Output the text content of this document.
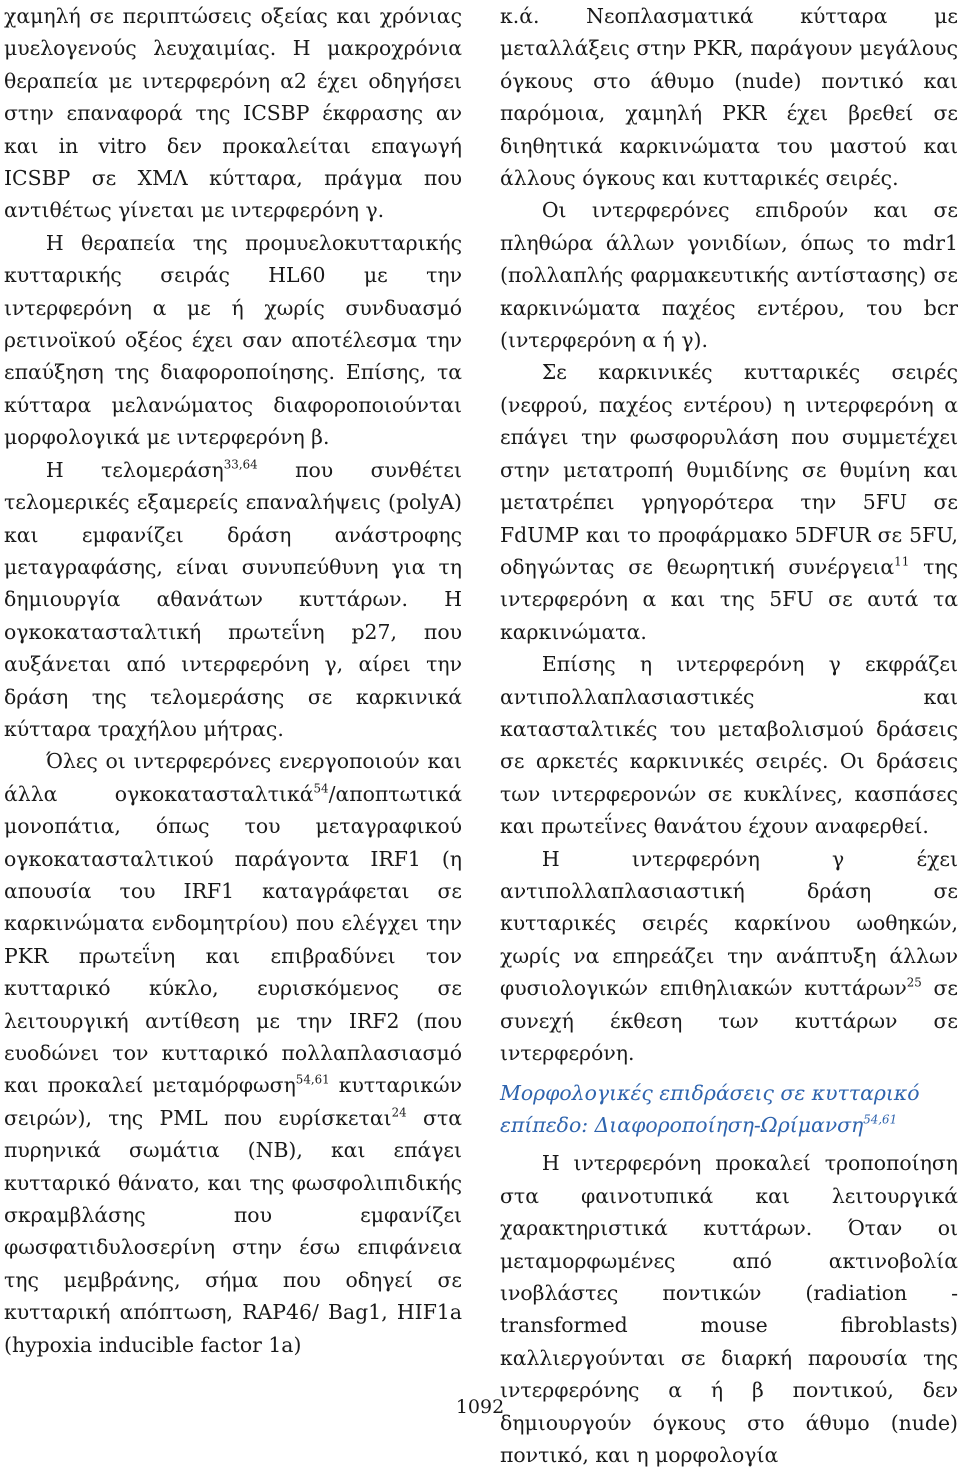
χαμηλή σε περιπτώσεις οξείας και χρόνιας μυελογενούς λευχαιμίας. Η μακροχρόνια θεραπεία με ιντερφερόνη α2 έχει οδηγήσει στην επαναφορά της ICSBP έκφρασης αν και in vitro δεν προκαλείται επαγωγή ICSBP σε ΧΜΛ κύτταρα, πράγμα που αντιθέτως γίνεται με ιντερφερόνη γ.

Η θεραπεία της προμυελοκυτταρικής κυτταρικής σειράς HL60 με την ιντερφερόνη α με ή χωρίς συνδυασμό ρετινοϊκού οξέος έχει σαν αποτέλεσμα την επαύξηση της διαφοροποίησης. Επίσης, τα κύτταρα μελανώματος διαφοροποιούνται μορφολογικά με ιντερφερόνη β.

Η τελομεράση$^{33,64}$ που συνθέτει τελομερικές εξαμερείς επαναλήψεις (polyA) και εμφανίζει δράση ανάστροφης μεταγραφάσης, είναι συνυπεύθυνη για τη δημιουργία αθανάτων κυττάρων. Η ογκοκατασταλτική πρωτεΐνη p27, που αυξάνεται από ιντερφερόνη γ, αίρει την δράση της τελομεράσης σε καρκινικά κύτταρα τραχήλου μήτρας.

Όλες οι ιντερφερόνες ενεργοποιούν και άλλα ογκοκατασταλτικά$^{54}$/αποπτωτικά μονοπάτια, όπως του μεταγραφικού ογκοκατασταλτικού παράγοντα IRF1 (η απουσία του IRF1 καταγράφεται σε καρκινώματα ενδομητρίου) που ελέγχει την PKR πρωτεΐνη και επιβραδύνει τον κυτταρικό κύκλο, ευρισκόμενος σε λειτουργική αντίθεση με την IRF2 (που ευοδώνει τον κυτταρικό πολλαπλασιασμό και προκαλεί μεταμόρφωση$^{54,61}$ κυτταρικών σειρών), της PML που ευρίσκεται$^{24}$ στα πυρηνικά σωμάτια (NB), και επάγει κυτταρικό θάνατο, και της φωσφολιπιδικής σκραμβλάσης που εμφανίζει φωσφατιδυλοσερίνη στην έσω επιφάνεια της μεμβράνης, σήμα που οδηγεί σε κυτταρική απόπτωση, RAP46/ Bag1, HIF1a (hypoxia inducible factor 1a)

κ.ά. Νεοπλασματικά κύτταρα με μεταλλάξεις στην PKR, παράγουν μεγάλους όγκους στο άθυμο (nude) ποντικό και παρόμοια, χαμηλή PKR έχει βρεθεί σε διηθητικά καρκινώματα του μαστού και άλλους όγκους και κυτταρικές σειρές.

Οι ιντερφερόνες επιδρούν και σε πληθώρα άλλων γονιδίων, όπως το mdr1 (πολλαπλής φαρμακευτικής αντίστασης) σε καρκινώματα παχέος εντέρου, του bcr (ιντερφερόνη α ή γ).

Σε καρκινικές κυτταρικές σειρές (νεφρού, παχέος εντέρου) η ιντερφερόνη α επάγει την φωσφορυλάση που συμμετέχει στην μετατροπή θυμιδίνης σε θυμίνη και μετατρέπει γρηγορότερα την 5FU σε FdUMP και το προφάρμακο 5DFUR σε 5FU, οδηγώντας σε θεωρητική συνέργεια$^{11}$ της ιντερφερόνη α και της 5FU σε αυτά τα καρκινώματα.

Επίσης η ιντερφερόνη γ εκφράζει αντιπολλαπλασιαστικές και κατασταλτικές του μεταβολισμού δράσεις σε αρκετές καρκινικές σειρές. Οι δράσεις των ιντερφερονών σε κυκλίνες, κασπάσες και πρωτεΐνες θανάτου έχουν αναφερθεί.

Η ιντερφερόνη γ έχει αντιπολλαπλασιαστική δράση σε κυτταρικές σειρές καρκίνου ωοθηκών, χωρίς να επηρεάζει την ανάπτυξη άλλων φυσιολογικών επιθηλιακών κυττάρων$^{25}$ σε συνεχή έκθεση των κυττάρων σε ιντερφερόνη.

Μορφολογικές επιδράσεις σε κυτταρικό επίπεδο: Διαφοροποίηση-Ωρίμανση$^{54,61}$

Η ιντερφερόνη προκαλεί τροποποίηση στα φαινοτυπικά και λειτουργικά χαρακτηριστικά κυττάρων. Όταν οι μεταμορφωμένες από ακτινοβολία ινοβλάστες ποντικών (radiation - transformed mouse fibroblasts) καλλιεργούνται σε διαρκή παρουσία της ιντερφερόνης α ή β ποντικού, δεν δημιουργούν όγκους στο άθυμο (nude) ποντικό, και η μορφολογία

1092
